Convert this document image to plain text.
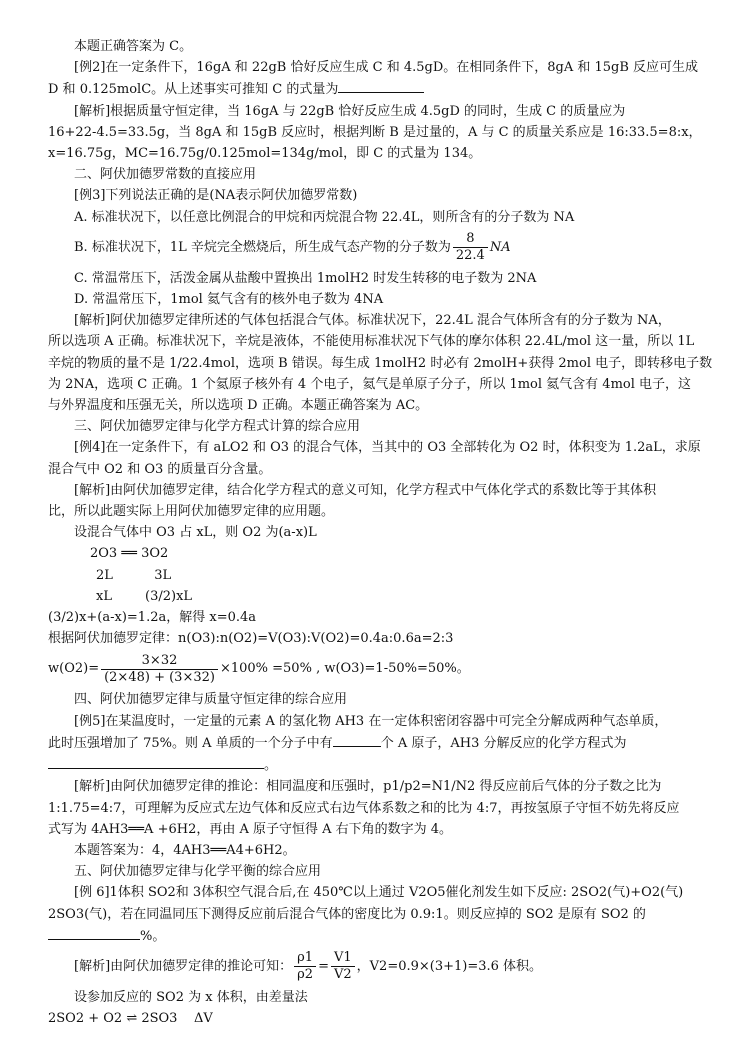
本题正确答案为 C。
[例2]在一定条件下，16gA 和 22gB 恰好反应生成 C 和 4.5gD。在相同条件下，8gA 和 15gB 反应可生成
D 和 0.125molC。从上述事实可推知 C 的式量为
[解析]根据质量守恒定律，当 16gA 与 22gB 恰好反应生成 4.5gD 的同时，生成 C 的质量应为
16+22-4.5=33.5g，当 8gA 和 15gB 反应时，根据判断 B 是过量的，A 与 C 的质量关系应是 16:33.5=8:x，
x=16.75g，MC=16.75g/0.125mol=134g/mol，即 C 的式量为 134。
二、阿伏加德罗常数的直接应用
[例3]下列说法正确的是(NA表示阿伏加德罗常数)
A. 标准状况下，以任意比例混合的甲烷和丙烷混合物 22.4L，则所含有的分子数为 NA
B. 标准状况下，1L 辛烷完全燃烧后，所生成气态产物的分子数为 $\frac{8}{22.4}$ NA
C. 常温常压下，活泼金属从盐酸中置换出 1molH2 时发生转移的电子数为 2NA
D. 常温常压下，1mol 氦气含有的核外电子数为 4NA
[解析]阿伏加德罗定律所述的气体包括混合气体。标准状况下，22.4L 混合气体所含有的分子数为 NA，
所以选项 A 正确。标准状况下，辛烷是液体，不能使用标准状况下气体的摩尔体积 22.4L/mol 这一量，所以 1L
辛烷的物质的量不是 1/22.4mol，选项 B 错误。每生成 1molH2 时必有 2molH+获得 2mol 电子，即转移电子数
为 2NA，选项 C 正确。1 个氦原子核外有 4 个电子，氦气是单原子分子，所以 1mol 氦气含有 4mol 电子，这
与外界温度和压强无关，所以选项 D 正确。本题正确答案为 AC。
三、阿伏加德罗定律与化学方程式计算的综合应用
[例4]在一定条件下，有 aLO2 和 O3 的混合气体，当其中的 O3 全部转化为 O2 时，体积变为 1.2aL，求原
混合气中 O2 和 O3 的质量百分含量。
[解析]由阿伏加德罗定律，结合化学方程式的意义可知，化学方程式中气体化学式的系数比等于其体积
比，所以此题实际上用阿伏加德罗定律的应用题。
设混合气体中 O3 占 xL，则 O2 为(a-x)L
2O3 ══ 3O2
2L          3L
xL        (3/2)xL
(3/2)x+(a-x)=1.2a，解得 x=0.4a
根据阿伏加德罗定律：n(O3):n(O2)=V(O3):V(O2)=0.4a:0.6a=2:3
$w(O2)= \frac{3\times 32}{(2\times 48) + (3\times 32)} \times 100\% =50\%$ , w(O3)=1-50%=50%。
四、阿伏加德罗定律与质量守恒定律的综合应用
[例5]在某温度时，一定量的元素 A 的氢化物 AH3 在一定体积密闭容器中可完全分解成两种气态单质，
此时压强增加了 75%。则 A 单质的一个分子中有	个 A 原子，AH3 分解反应的化学方程式为
。
[解析]由阿伏加德罗定律的推论：相同温度和压强时，p1/p2=N1/N2 得反应前后气体的分子数之比为
1:1.75=4:7，可理解为反应式左边气体和反应式右边气体系数之和的比为 4:7，再按氢原子守恒不妨先将反应
式写为 4AH3══A +6H2，再由 A 原子守恒得 A 右下角的数字为 4。
本题答案为：4，4AH3══A4+6H2。
五、阿伏加德罗定律与化学平衡的综合应用
[例 6]1体积 SO2和 3体积空气混合后,在 450℃以上通过 V2O5催化剂发生如下反应: 2SO2(气)+O2(气)
2SO3(气)，若在同温同压下测得反应前后混合气体的密度比为 0.9:1。则反应掉的 SO2 是原有 SO2 的
%。
[解析]由阿伏加德罗定律的推论可知： $\frac{\rho 1}{\rho 2} = \frac{V1}{V2}$ ，V2=0.9×(3+1)=3.6 体积。
设参加反应的 SO2 为 x 体积，由差量法
2SO2 + O2 ⇌ 2SO3    ΔV
